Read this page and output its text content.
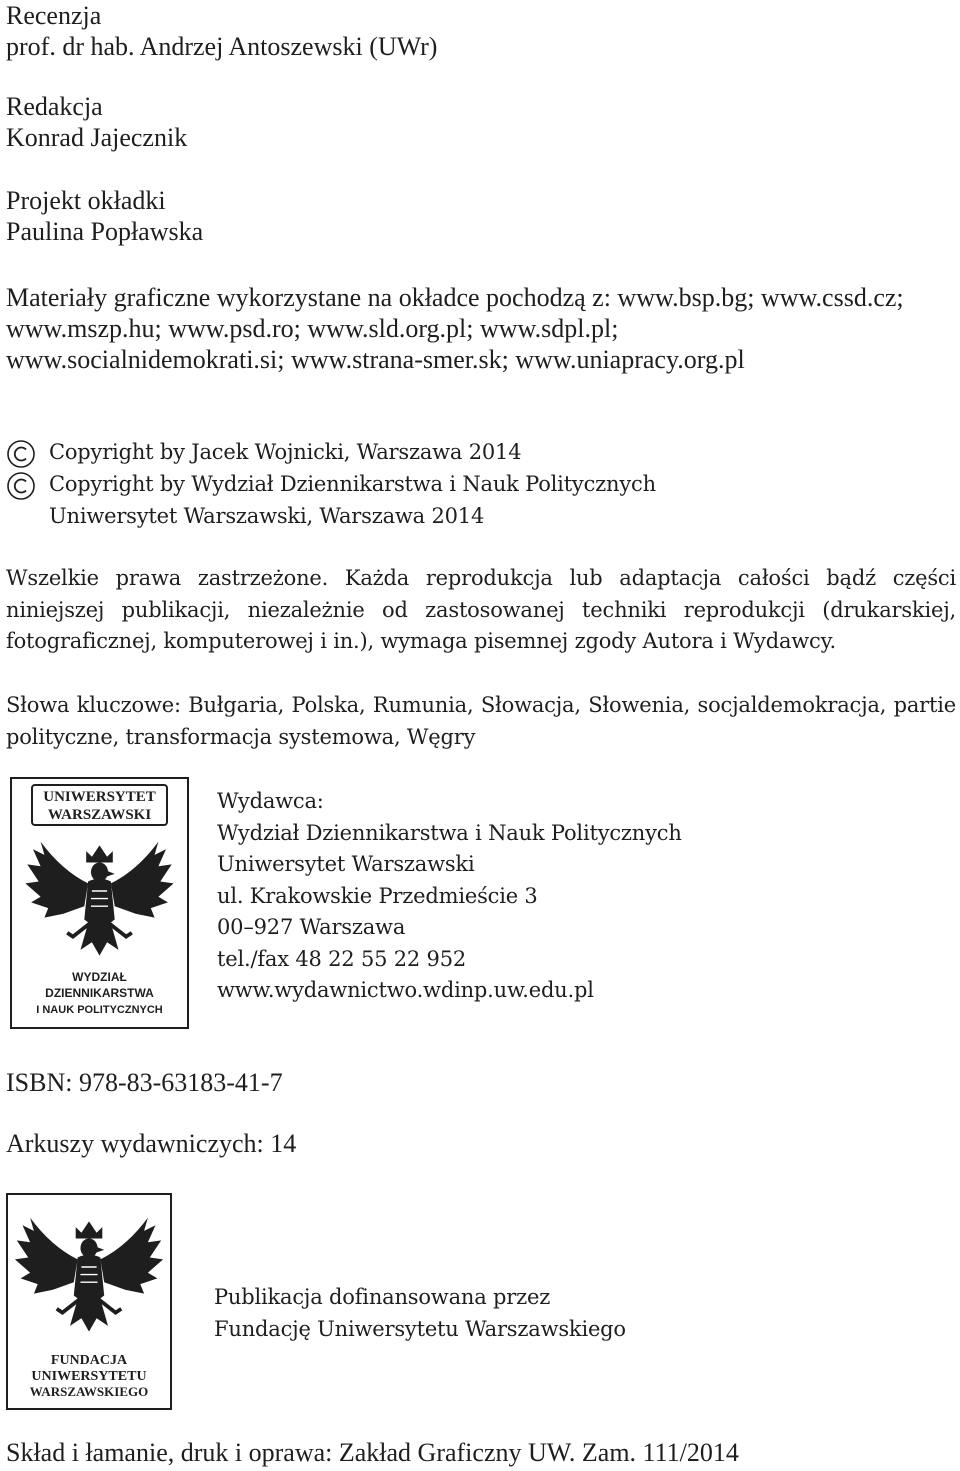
Recenzja
prof. dr hab. Andrzej Antoszewski (UWr)
Redakcja
Konrad Jajecznik
Projekt okładki
Paulina Popławska
Materiały graficzne wykorzystane na okładce pochodzą z: www.bsp.bg; www.cssd.cz;
www.mszp.hu; www.psd.ro; www.sld.org.pl; www.sdpl.pl;
www.socialnidemokrati.si; www.strana-smer.sk; www.uniapracy.org.pl
Copyright by Jacek Wojnicki, Warszawa 2014
Copyright by Wydział Dziennikarstwa i Nauk Politycznych
Uniwersytet Warszawski, Warszawa 2014

Wszelkie prawa zastrzeżone. Każda reprodukcja lub adaptacja całości bądź części niniejszej publikacji, niezależnie od zastosowanej techniki reprodukcji (drukarskiej, fotograficznej, komputerowej i in.), wymaga pisemnej zgody Autora i Wydawcy.

Słowa kluczowe: Bułgaria, Polska, Rumunia, Słowacja, Słowenia, socjaldemokracja, partie polityczne, transformacja systemowa, Węgry

UNIWERSYTET
WARSZAWSKI
WYDZIAŁ
DZIENNIKARSTWA
I NAUK POLITYCZNYCH
Wydawca:
Wydział Dziennikarstwa i Nauk Politycznych
Uniwersytet Warszawski
ul. Krakowskie Przedmieście 3
00–927 Warszawa
tel./fax 48 22 55 22 952
www.wydawnictwo.wdinp.uw.edu.pl
ISBN: 978-83-63183-41-7
Arkuszy wydawniczych: 14
FUNDACJA
UNIWERSYTETU
WARSZAWSKIEGO
Publikacja dofinansowana przez
Fundację Uniwersytetu Warszawskiego
Skład i łamanie, druk i oprawa: Zakład Graficzny UW. Zam. 111/2014
